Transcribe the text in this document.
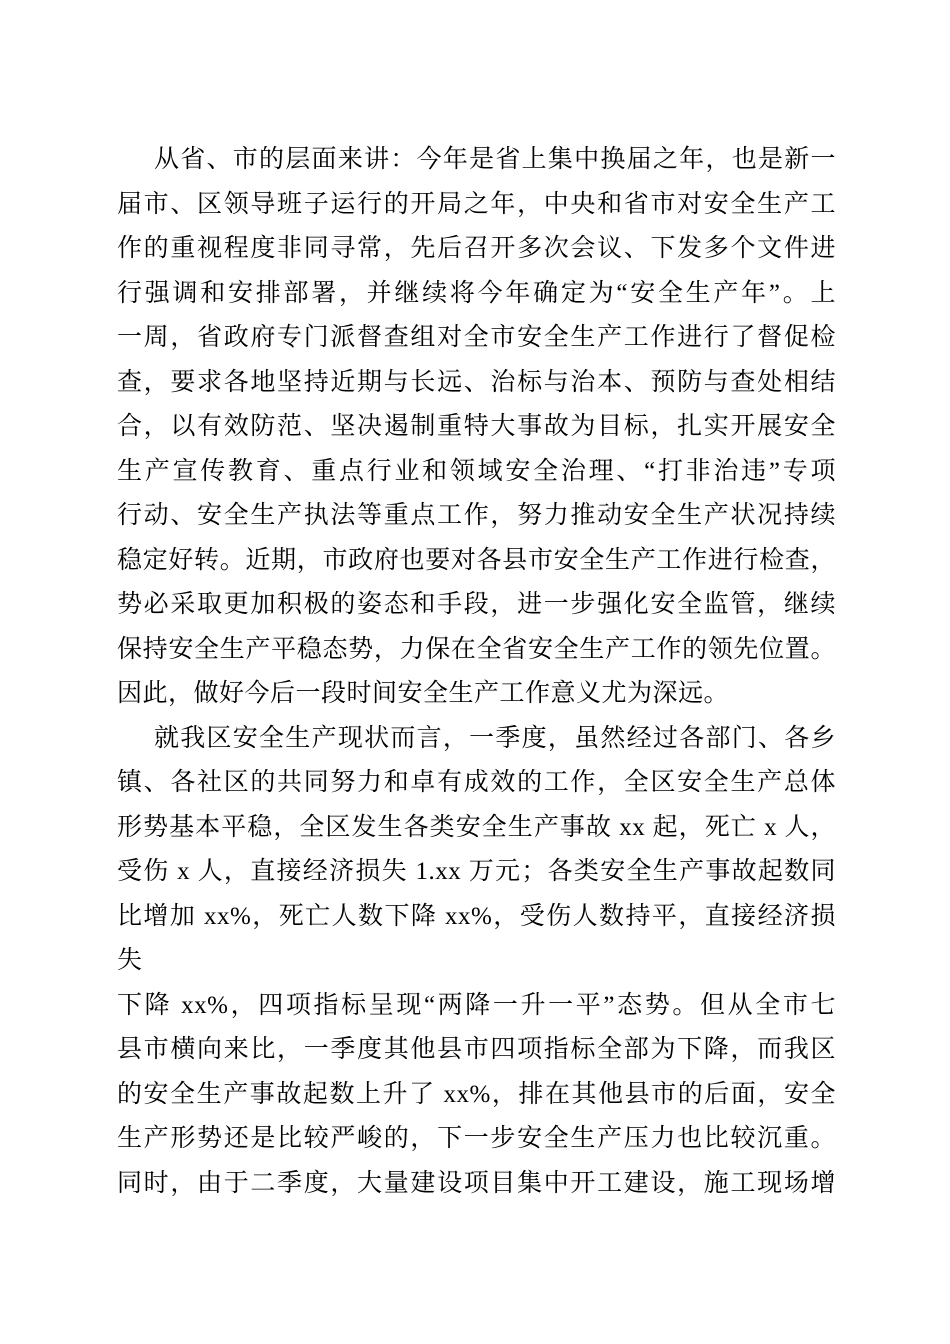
从省、市的层面来讲：今年是省上集中换届之年，也是新一
届市、区领导班子运行的开局之年，中央和省市对安全生产工
作的重视程度非同寻常，先后召开多次会议、下发多个文件进
行强调和安排部署，并继续将今年确定为“安全生产年”。上
一周，省政府专门派督查组对全市安全生产工作进行了督促检
查，要求各地坚持近期与长远、治标与治本、预防与查处相结
合，以有效防范、坚决遏制重特大事故为目标，扎实开展安全
生产宣传教育、重点行业和领域安全治理、“打非治违”专项
行动、安全生产执法等重点工作，努力推动安全生产状况持续
稳定好转。近期，市政府也要对各县市安全生产工作进行检查，
势必采取更加积极的姿态和手段，进一步强化安全监管，继续
保持安全生产平稳态势，力保在全省安全生产工作的领先位置。
因此，做好今后一段时间安全生产工作意义尤为深远。
就我区安全生产现状而言，一季度，虽然经过各部门、各乡
镇、各社区的共同努力和卓有成效的工作，全区安全生产总体
形势基本平稳，全区发生各类安全生产事故 xx 起，死亡 x 人，
受伤 x 人，直接经济损失 1.xx 万元；各类安全生产事故起数同
比增加 xx%，死亡人数下降 xx%，受伤人数持平，直接经济损失
下降 xx%，四项指标呈现“两降一升一平”态势。但从全市七
县市横向来比，一季度其他县市四项指标全部为下降，而我区
的安全生产事故起数上升了 xx%，排在其他县市的后面，安全
生产形势还是比较严峻的，下一步安全生产压力也比较沉重。
同时，由于二季度，大量建设项目集中开工建设，施工现场增
